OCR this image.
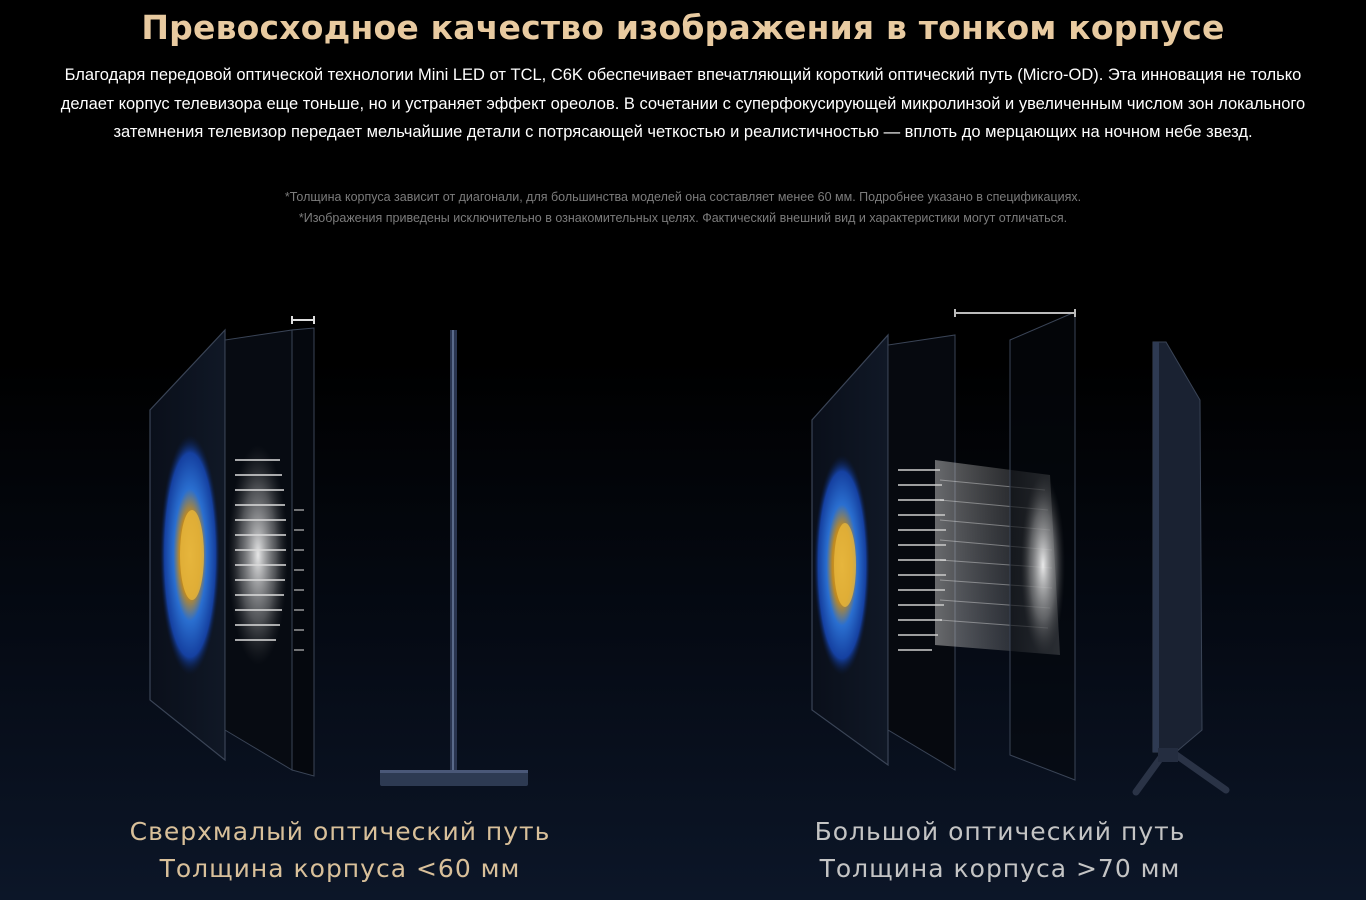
Превосходное качество изображения в тонком корпусе

Благодаря передовой оптической технологии Mini LED от TCL, C6K обеспечивает впечатляющий короткий оптический путь (Micro-OD). Эта инновация не только делает корпус телевизора еще тоньше, но и устраняет эффект ореолов. В сочетании с суперфокусирующей микролинзой и увеличенным числом зон локального затемнения телевизор передает мельчайшие детали с потрясающей четкостью и реалистичностью — вплоть до мерцающих на ночном небе звезд.

*Толщина корпуса зависит от диагонали, для большинства моделей она составляет менее 60 мм. Подробнее указано в спецификациях.
*Изображения приведены исключительно в ознакомительных целях. Фактический внешний вид и характеристики могут отличаться.
Сверхмалый оптический путь
Толщина корпуса <60 мм
Большой оптический путь
Толщина корпуса >70 мм
